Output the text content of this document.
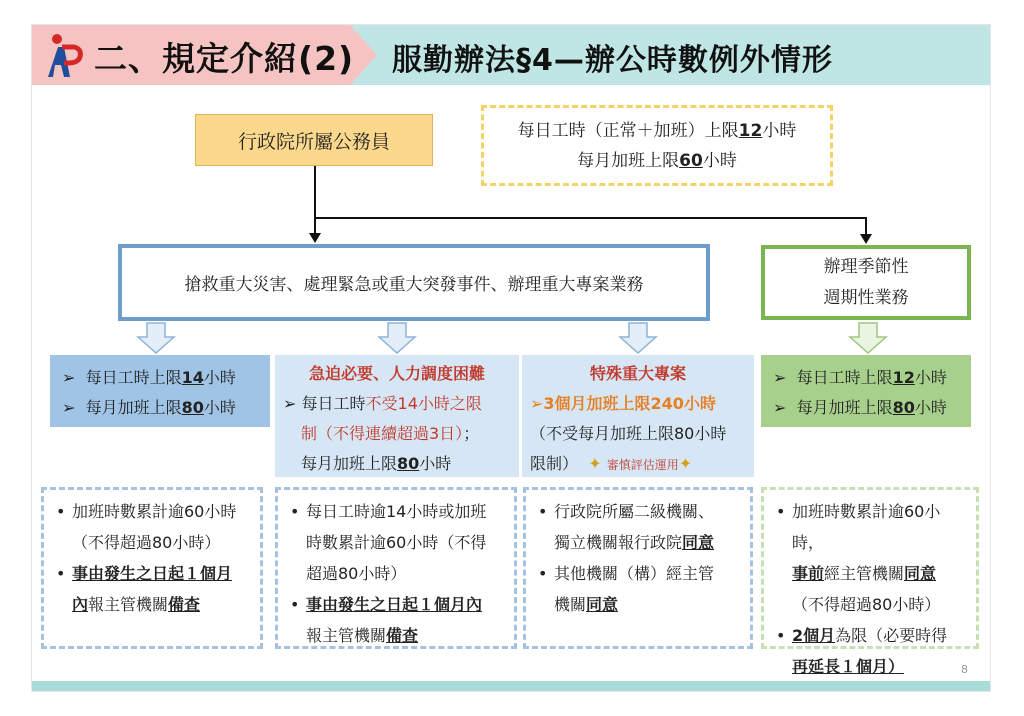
二、規定介紹(2) 服勤辦法§4—辦公時數例外情形
行政院所屬公務員	每日工時（正常＋加班）上限12小時
每月加班上限60小時
搶救重大災害、處理緊急或重大突發事件、辦理重大專案業務
辦理季節性
週期性業務
➢ 每日工時上限14小時
➢ 每月加班上限80小時
急迫必要、人力調度困難
➢ 每日工時不受14小時之限
制（不得連續超過3日）；
每月加班上限80小時
特殊重大專案
➢3個月加班上限240小時
（不受每月加班上限80小時
限制） ✦ 審慎評估運用✦
➢ 每日工時上限12小時
➢ 每月加班上限80小時
• 加班時數累計逾60小時
（不得超過80小時）
• 事由發生之日起１個月
內報主管機關備查
• 每日工時逾14小時或加班
時數累計逾60小時（不得
超過80小時）
• 事由發生之日起１個月內
報主管機關備查
• 行政院所屬二級機關、
獨立機關報行政院同意
• 其他機關（構）經主管
機關同意
• 加班時數累計逾60小時，
事前經主管機關同意
（不得超過80小時）
• 2個月為限（必要時得
再延長１個月）	8
